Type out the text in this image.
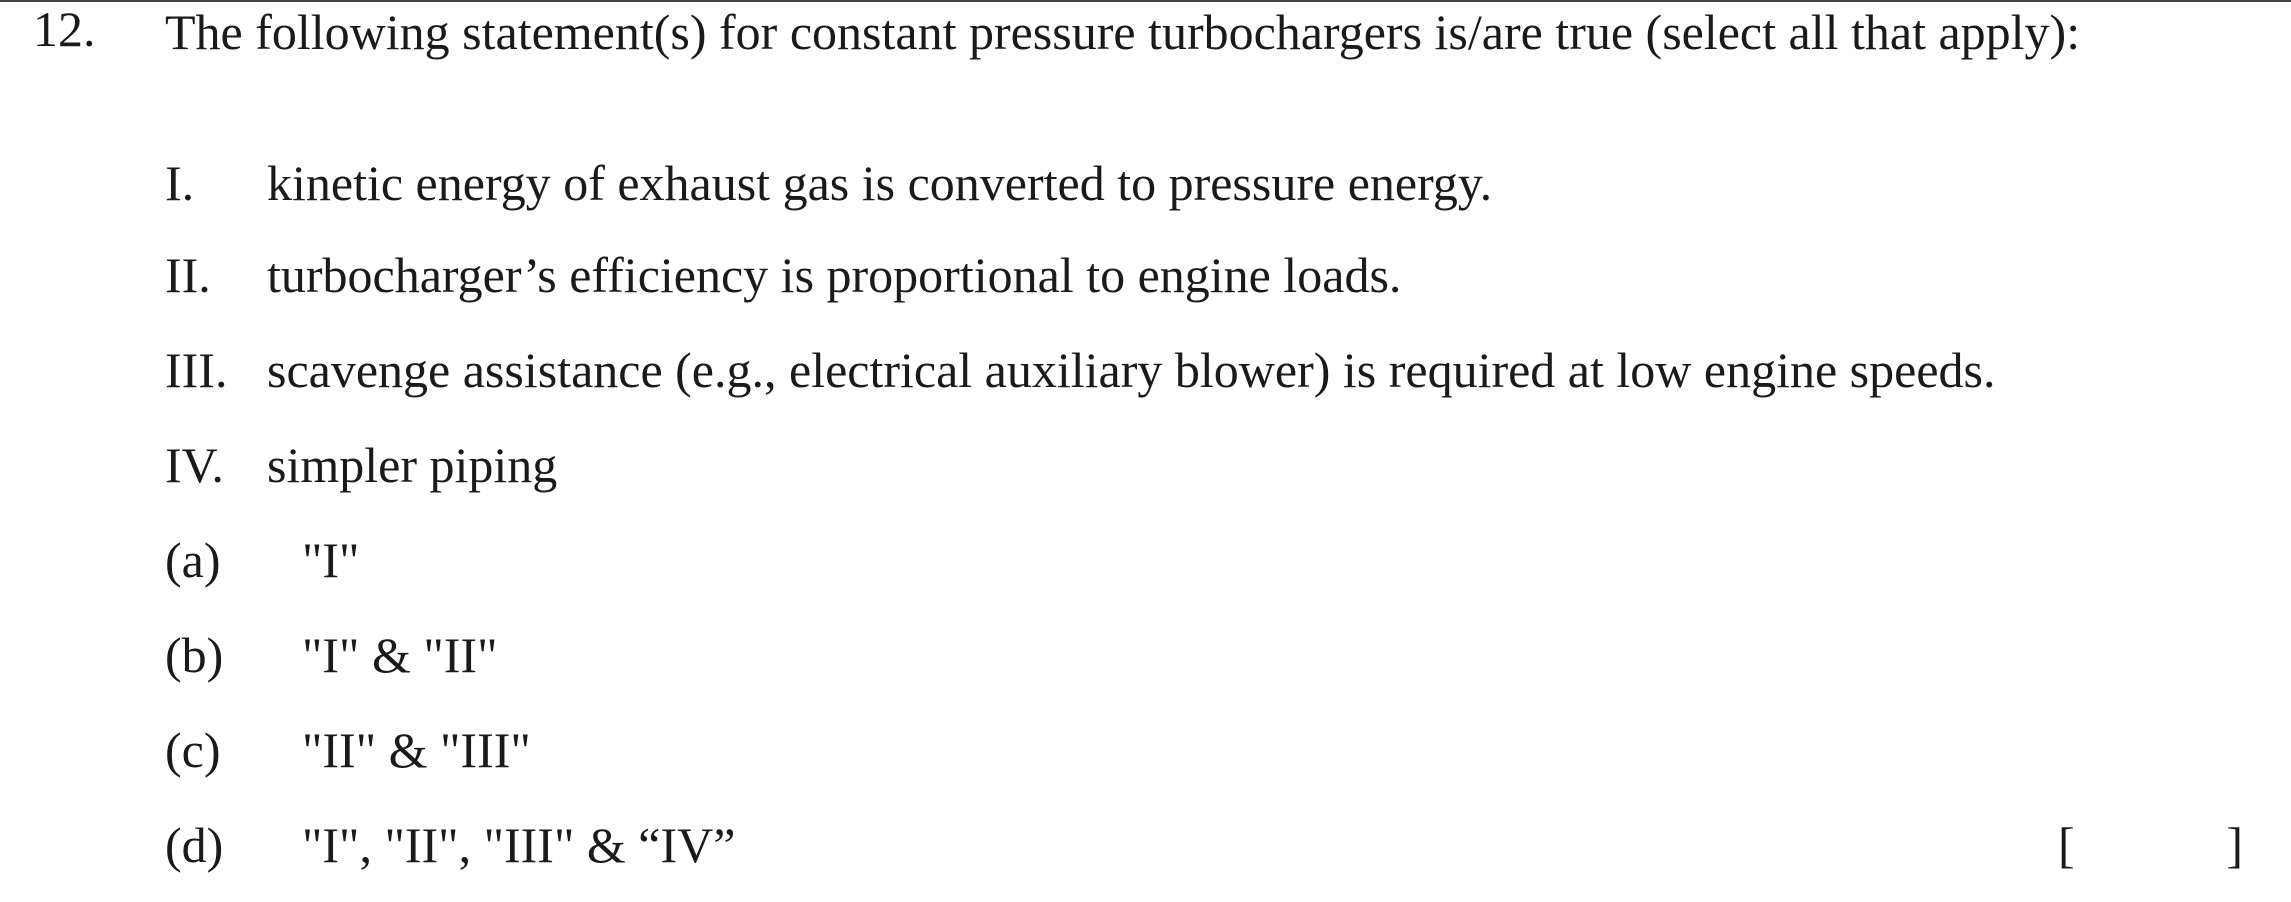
12. The following statement(s) for constant pressure turbochargers is/are true (select all that apply):
I. kinetic energy of exhaust gas is converted to pressure energy.
II. turbocharger’s efficiency is proportional to engine loads.
III. scavenge assistance (e.g., electrical auxiliary blower) is required at low engine speeds.
IV. simpler piping
(a) "I"
(b) "I" & "II"
(c) "II" & "III"
(d) "I", "II", "III" & “IV”	[	]
